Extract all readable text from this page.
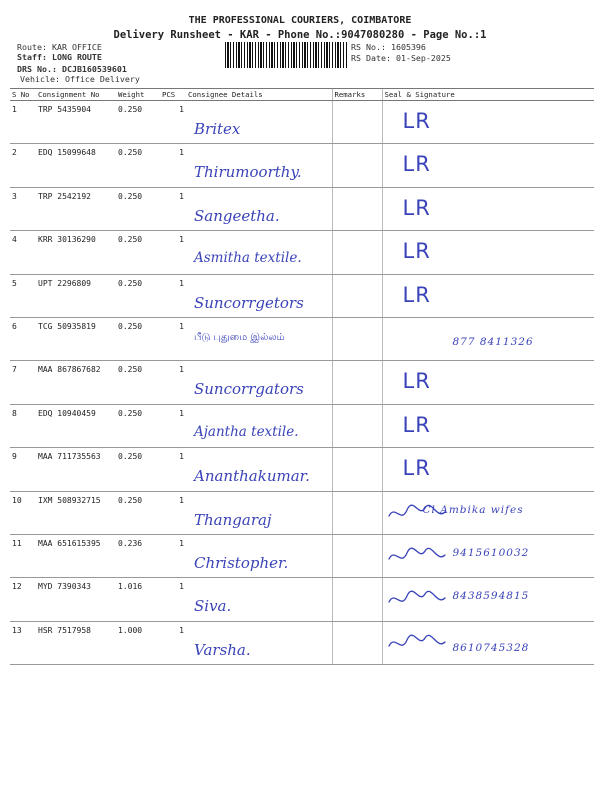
THE PROFESSIONAL COURIERS, COIMBATORE
Delivery Runsheet - KAR - Phone No.:9047080280 - Page No.:1
Route: KAR OFFICE
Staff: LONG ROUTE
DRS No.: DCJB160539601
Vehicle: Office Delivery
RS No.: 1605396
RS Date: 01-Sep-2025
S No	Consignment No	Weight	PCS	Consignee Details	Remarks	Seal & Signature
1	TRP 5435904	0.250	1	Britex		LR

2	EDQ 15099648	0.250	1	Thirumoorthy.		LR

3	TRP 2542192	0.250	1	Sangeetha.		LR

4	KRR 30136290	0.250	1	Asmitha textile.		LR

5	UPT 2296809	0.250	1	Suncorrgetors		LR

6	TCG 50935819	0.250	1	பீடு புதுமை இல்லம்		877 8411326

7	MAA 867867682	0.250	1	Suncorrgators		LR

8	EDQ 10940459	0.250	1	Ajantha textile.		LR

9	MAA 711735563	0.250	1	Ananthakumar.		LR

10	IXM 508932715	0.250	1	Thangaraj		Cl Ambika wifes

11	MAA 651615395	0.236	1	Christopher.		9415610032

12	MYD 7390343	1.016	1	Siva.		8438594815

13	HSR 7517958	1.000	1	Varsha.		8610745328
